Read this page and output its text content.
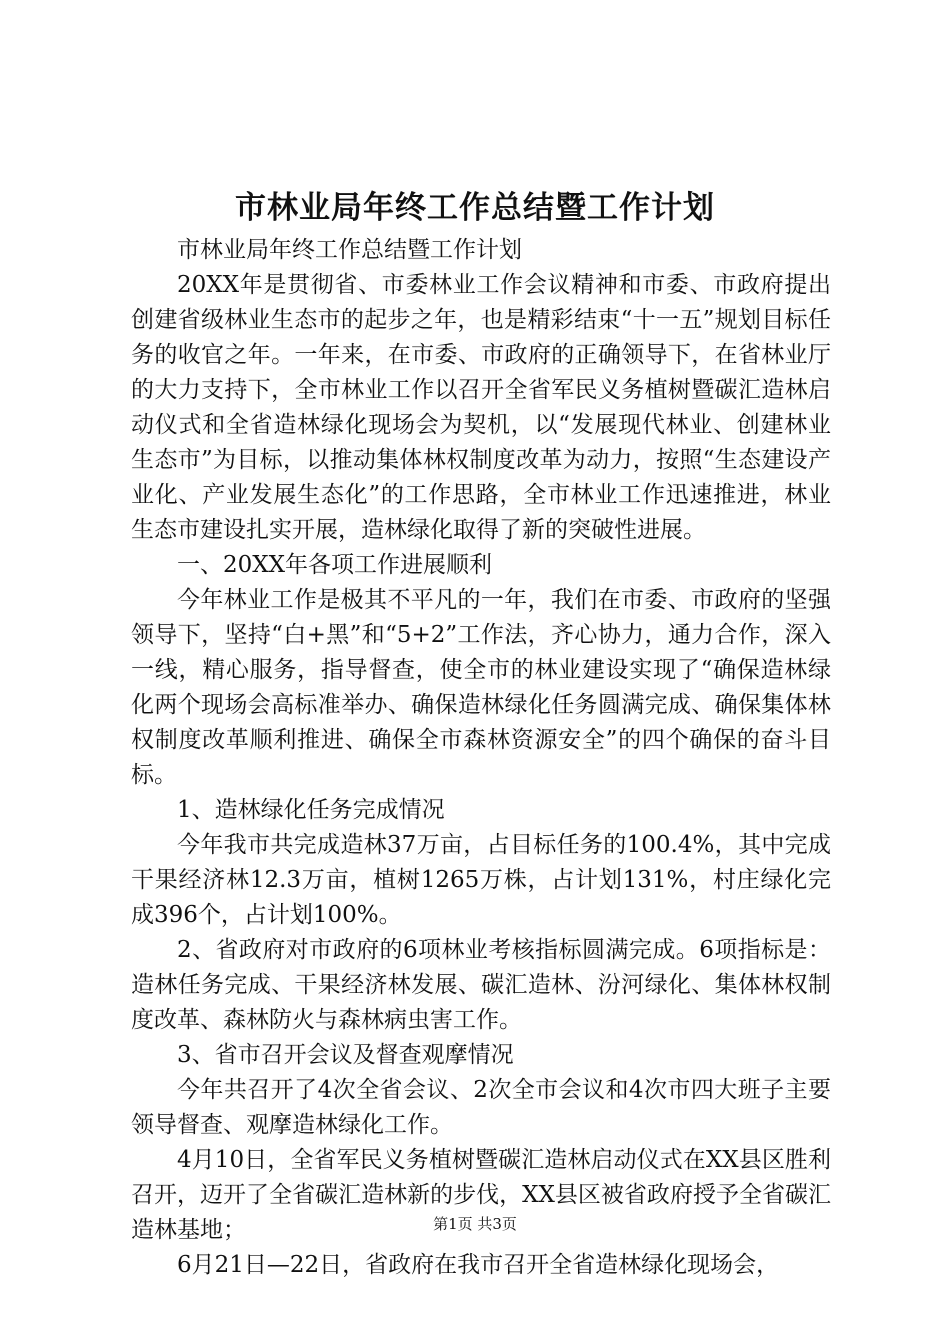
市林业局年终工作总结暨工作计划

市林业局年终工作总结暨工作计划

20XX年是贯彻省、市委林业工作会议精神和市委、市政府提出创建省级林业生态市的起步之年，也是精彩结束“十一五”规划目标任务的收官之年。一年来，在市委、市政府的正确领导下，在省林业厅的大力支持下，全市林业工作以召开全省军民义务植树暨碳汇造林启动仪式和全省造林绿化现场会为契机，以“发展现代林业、创建林业生态市”为目标，以推动集体林权制度改革为动力，按照“生态建设产业化、产业发展生态化”的工作思路，全市林业工作迅速推进，林业生态市建设扎实开展，造林绿化取得了新的突破性进展。

一、20XX年各项工作进展顺利

今年林业工作是极其不平凡的一年，我们在市委、市政府的坚强领导下，坚持“白+黑”和“5+2”工作法，齐心协力，通力合作，深入一线，精心服务，指导督查，使全市的林业建设实现了“确保造林绿化两个现场会高标准举办、确保造林绿化任务圆满完成、确保集体林权制度改革顺利推进、确保全市森林资源安全”的四个确保的奋斗目标。

1、造林绿化任务完成情况

今年我市共完成造林37万亩，占目标任务的100.4%，其中完成干果经济林12.3万亩，植树1265万株，占计划131%，村庄绿化完成396个，占计划100%。

2、省政府对市政府的6项林业考核指标圆满完成。6项指标是：造林任务完成、干果经济林发展、碳汇造林、汾河绿化、集体林权制度改革、森林防火与森林病虫害工作。

3、省市召开会议及督查观摩情况

今年共召开了4次全省会议、2次全市会议和4次市四大班子主要领导督查、观摩造林绿化工作。

4月10日，全省军民义务植树暨碳汇造林启动仪式在XX县区胜利召开，迈开了全省碳汇造林新的步伐，XX县区被省政府授予全省碳汇造林基地；

6月21日—22日，省政府在我市召开全省造林绿化现场会，

第1页 共3页
